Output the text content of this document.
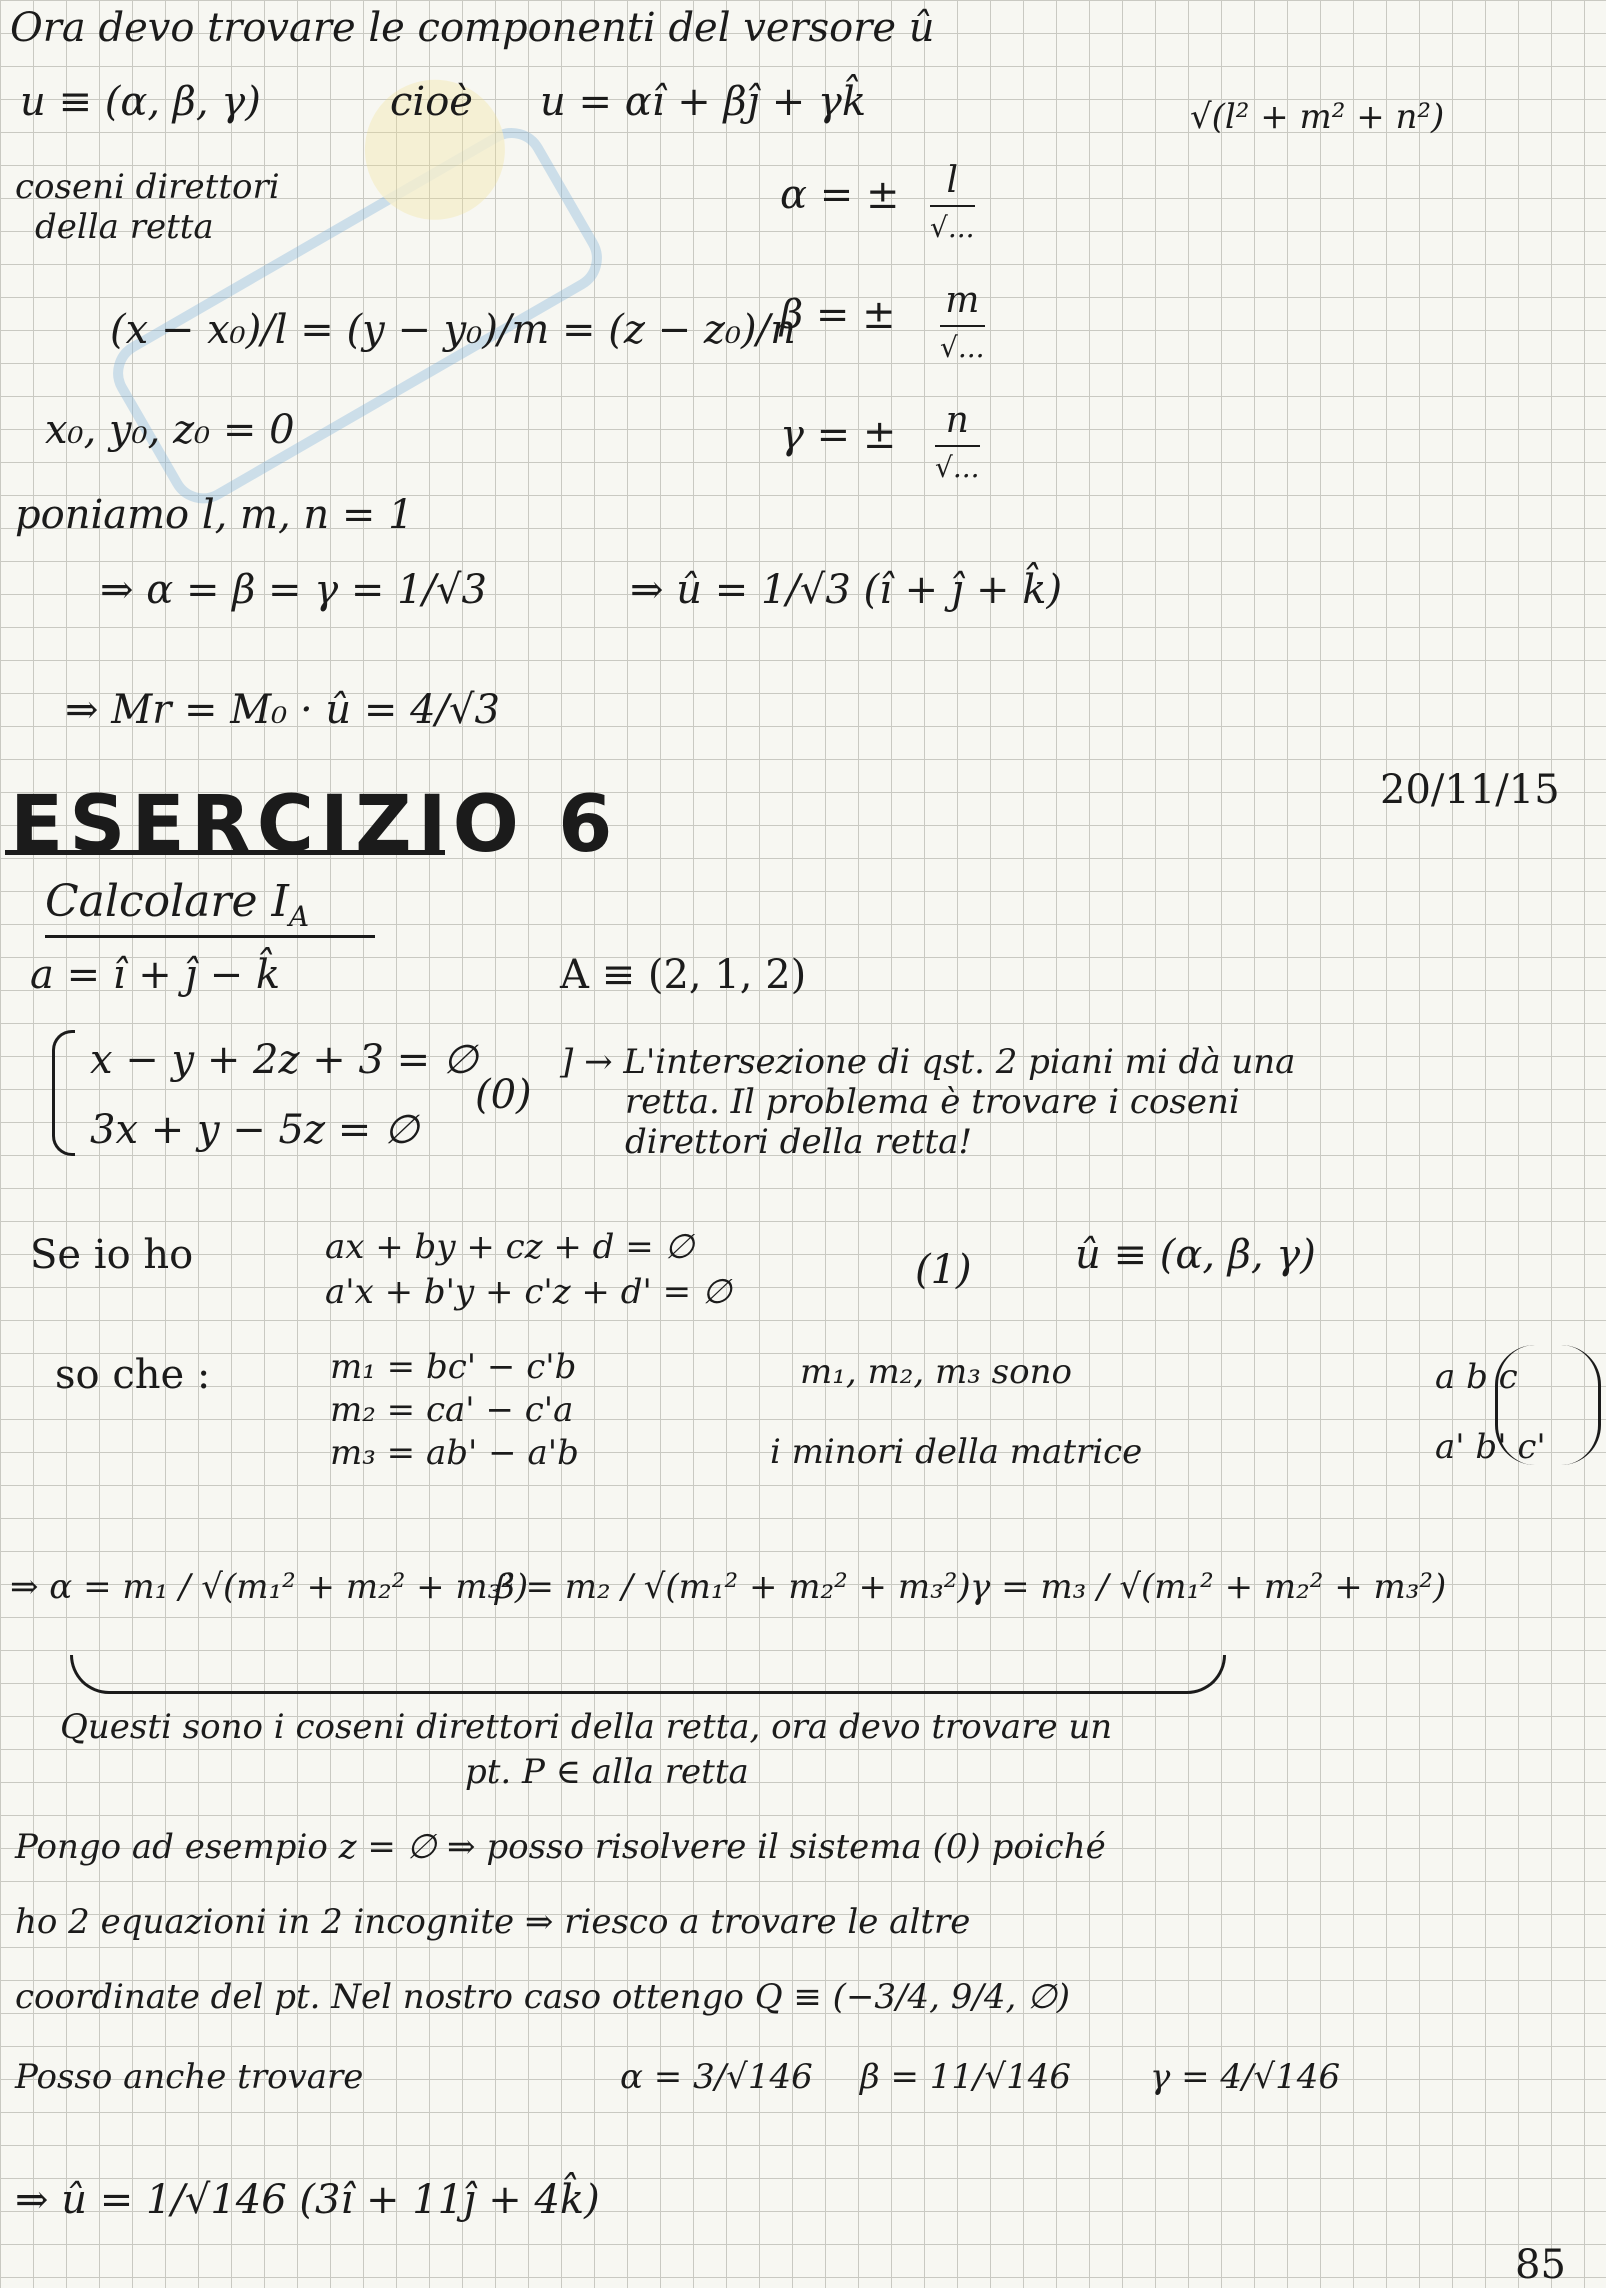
Ora devo trovare le componenti del versore û
u ≡ (α, β, γ)	cioè u = αî + βĵ + γk̂	√(l² + m² + n²)
coseni direttori
della retta
α = ± l
√...
β = ± m
√...
γ = ± n
√...
(x − x₀)/l = (y − y₀)/m = (z − z₀)/n
x₀, y₀, z₀ = 0
poniamo l, m, n = 1
⇒ α = β = γ = 1/√3	⇒ û = 1/√3 (î + ĵ + k̂)
⇒ Mr = M₀ · û = 4/√3
ESERCIZIO 6	20/11/15
Calcolare $I_A$
a = î + ĵ − k̂	A ≡ (2, 1, 2)
x − y + 2z + 3 = ∅
3x + y − 5z = ∅
(0)
] → L'intersezione di qst. 2 piani mi dà una
retta. Il problema è trovare i coseni
direttori della retta!
Se io ho	ax + by + cz + d = ∅
a'x + b'y + c'z + d' = ∅	(1)	û ≡ (α, β, γ)
so che :	m₁ = bc' − c'b
m₂ = ca' − c'a
m₃ = ab' − a'b
m₁, m₂, m₃ sono
i minori della matrice
a b c
a' b' c'
⇒ α = m₁ / √(m₁² + m₂² + m₃²)
β = m₂ / √(m₁² + m₂² + m₃²) γ = m₃ / √(m₁² + m₂² + m₃²)
Questi sono i coseni direttori della retta, ora devo trovare un
pt. P ∈ alla retta
Pongo ad esempio z = ∅ ⇒ posso risolvere il sistema (0) poiché
ho 2 equazioni in 2 incognite ⇒ riesco a trovare le altre
coordinate del pt. Nel nostro caso ottengo Q ≡ (−3/4, 9/4, ∅)
Posso anche trovare	α = 3/√146 β = 11/√146 γ = 4/√146
⇒ û = 1/√146 (3î + 11ĵ + 4k̂)
85
